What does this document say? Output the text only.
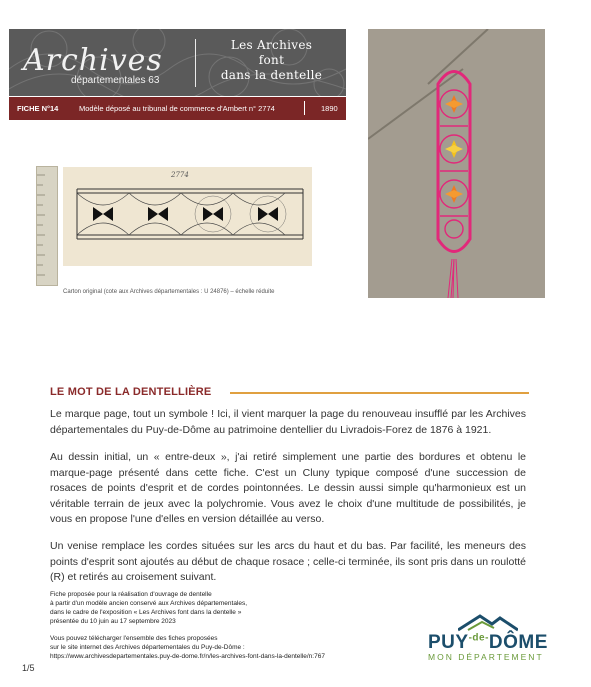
Archives
départementales 63
Les Archives
font
dans la dentelle
FICHE N°14	Modèle déposé au tribunal de commerce d'Ambert n° 2774	1890
2774
Carton original (cote aux Archives départementales : U 24876) – échelle réduite
LE MOT DE LA DENTELLIÈRE

Le marque page, tout un symbole ! Ici, il vient marquer la page du renouveau insufflé par les Archives départementales du Puy-de-Dôme au patrimoine dentellier du Livradois-Forez de 1876 à 1921.

Au dessin initial, un « entre-deux », j'ai retiré simplement une partie des bordures et obtenu le marque-page présenté dans cette fiche. C'est un Cluny typique composé d'une succession de rosaces de points d'esprit et de cordes pointonnées. Le dessin aussi simple qu'harmonieux est un véritable terrain de jeux avec la polychromie. Vous avez le choix d'une multitude de possibilités, je vous en propose l'une d'elles en version détaillée au verso.

Un venise remplace les cordes situées sur les arcs du haut et du bas. Par facilité, les meneurs des points d'esprit sont ajoutés au début de chaque rosace ; celle-ci terminée, ils sont pris dans un roulotté (R) et retirés au croisement suivant.

Fiche proposée pour la réalisation d'ouvrage de dentelle
à partir d'un modèle ancien conservé aux Archives départementales,
dans le cadre de l'exposition « Les Archives font dans la dentelle »
présentée du 10 juin au 17 septembre 2023
Vous pouvez télécharger l'ensemble des fiches proposées
sur le site internet des Archives départementales du Puy-de-Dôme :
https://www.archivesdepartementales.puy-de-dome.fr/n/les-archives-font-dans-la-dentelle/n:767
1/5
$PUY^{-de-}DÔME$
MON DÉPARTEMENT
